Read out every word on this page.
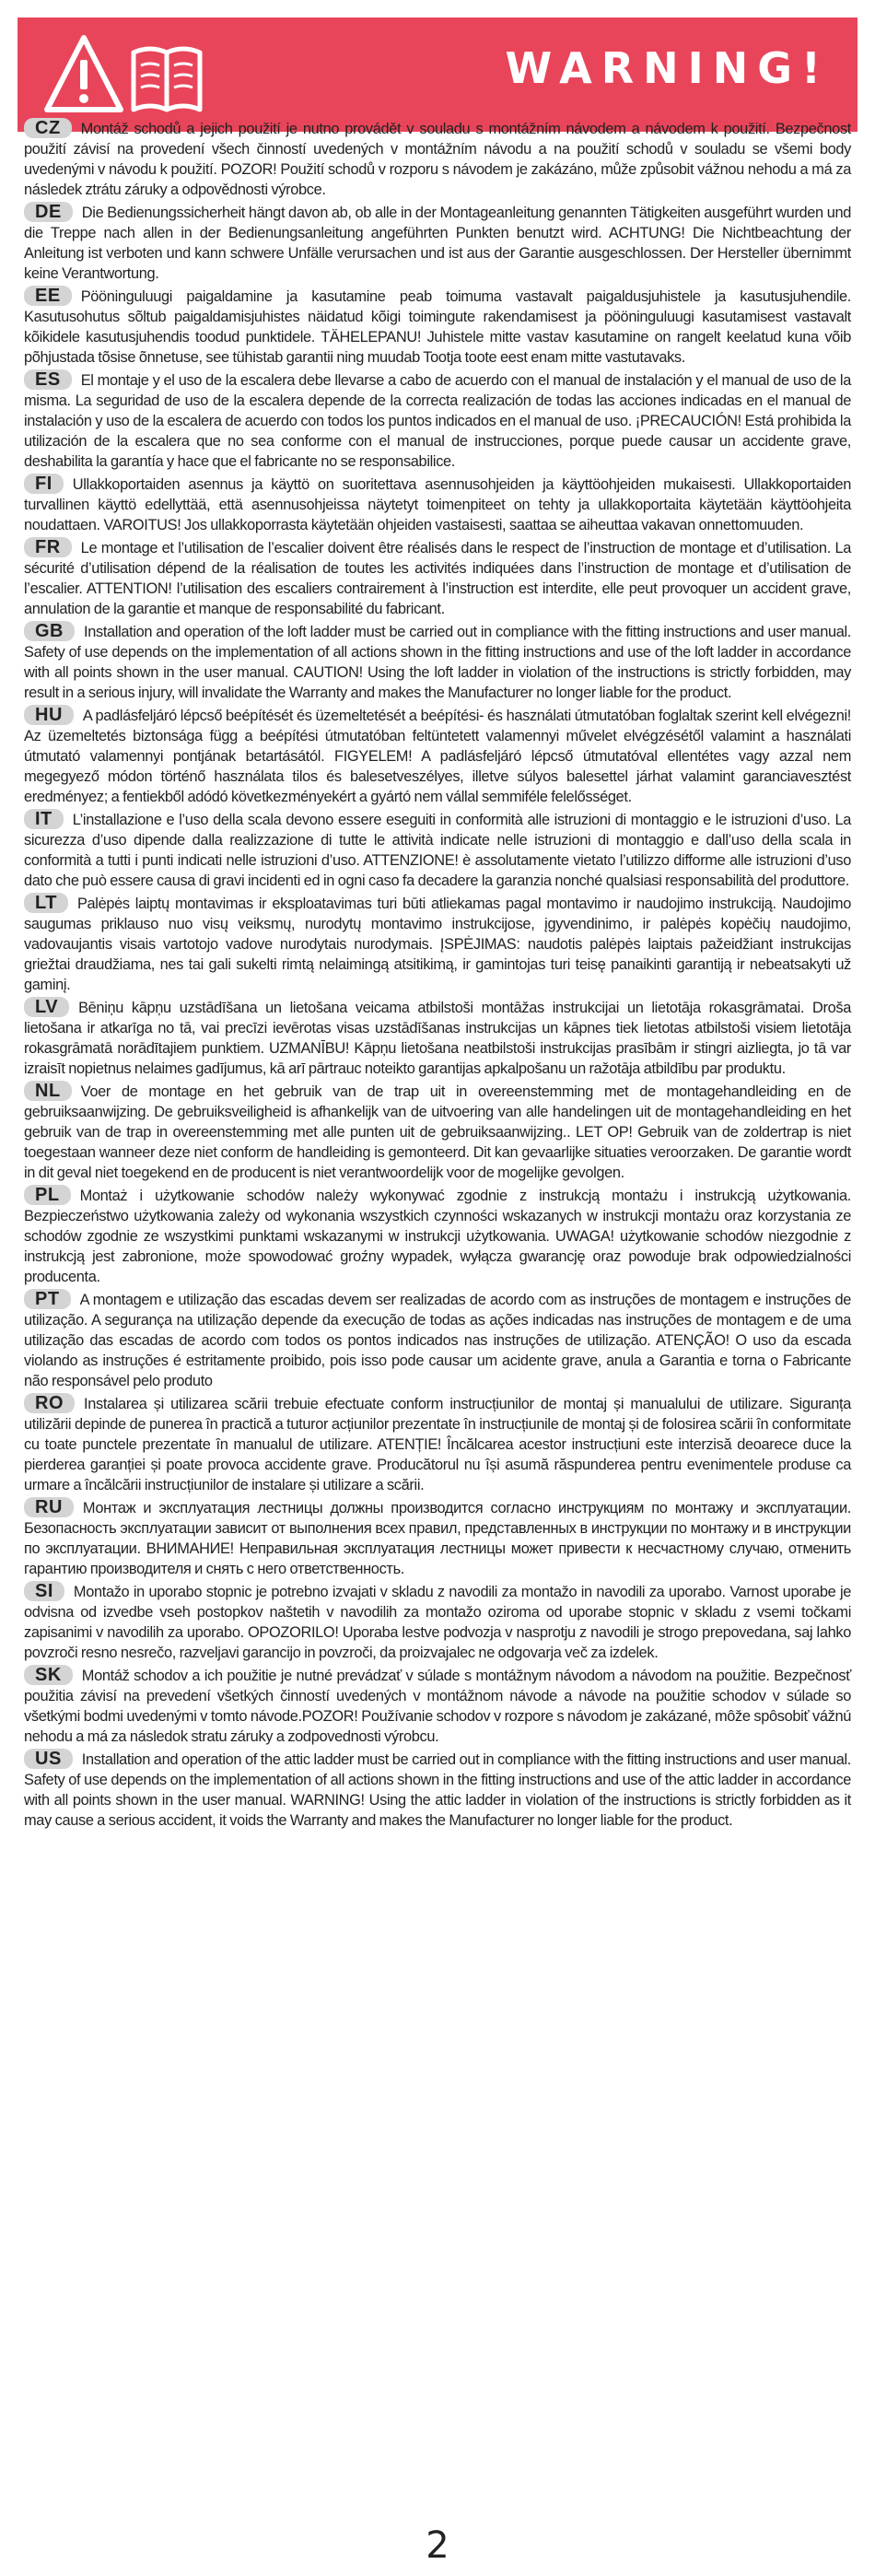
WARNING!

CZ Montáž schodů a jejich použití je nutno provádět v souladu s montážním návodem a návodem k použití. Bezpečnost použití závisí na provedení všech činností uvedených v montážním návodu a na použití schodů v souladu se všemi body uvedenými v návodu k použití. POZOR! Použití schodů v rozporu s návodem je zakázáno, může způsobit vážnou nehodu a má za následek ztrátu záruky a odpovědnosti výrobce.

DE Die Bedienungssicherheit hängt davon ab, ob alle in der Montageanleitung genannten Tätigkeiten ausgeführt wurden und die Treppe nach allen in der Bedienungsanleitung angeführten Punkten benutzt wird. ACHTUNG! Die Nichtbeachtung der Anleitung ist verboten und kann schwere Unfälle verursachen und ist aus der Garantie ausgeschlossen. Der Hersteller übernimmt keine Verantwortung.

EE Pööninguluugi paigaldamine ja kasutamine peab toimuma vastavalt paigaldusjuhistele ja kasutusjuhendile. Kasutusohutus sõltub paigaldamisjuhistes näidatud kõigi toimingute rakendamisest ja pööninguluugi kasutamisest vastavalt kõikidele kasutusjuhendis toodud punktidele. TÄHELEPANU! Juhistele mitte vastav kasutamine on rangelt keelatud kuna võib põhjustada tõsise õnnetuse, see tühistab garantii ning muudab Tootja toote eest enam mitte vastutavaks.

ES El montaje y el uso de la escalera debe llevarse a cabo de acuerdo con el manual de instalación y el manual de uso de la misma. La seguridad de uso de la escalera depende de la correcta realización de todas las acciones indicadas en el manual de instalación y uso de la escalera de acuerdo con todos los puntos indicados en el manual de uso. ¡PRECAUCIÓN! Está prohibida la utilización de la escalera que no sea conforme con el manual de instrucciones, porque puede causar un accidente grave, deshabilita la garantía y hace que el fabricante no se responsabilice.

FI Ullakkoportaiden asennus ja käyttö on suoritettava asennusohjeiden ja käyttöohjeiden mukaisesti. Ullakkoportaiden turvallinen käyttö edellyttää, että asennusohjeissa näytetyt toimenpiteet on tehty ja ullakkoportaita käytetään käyttöohjeita noudattaen. VAROITUS! Jos ullakkoporrasta käytetään ohjeiden vastaisesti, saattaa se aiheuttaa vakavan onnettomuuden.

FR Le montage et l’utilisation de l’escalier doivent être réalisés dans le respect de l’instruction de montage et d’utilisation. La sécurité d’utilisation dépend de la réalisation de toutes les activités indiquées dans l’instruction de montage et d’utilisation de l’escalier. ATTENTION! l’utilisation des escaliers contrairement à l’instruction est interdite, elle peut provoquer un accident grave, annulation de la garantie et manque de responsabilité du fabricant.

GB Installation and operation of the loft ladder must be carried out in compliance with the fitting instructions and user manual. Safety of use depends on the implementation of all actions shown in the fitting instructions and use of the loft ladder in accordance with all points shown in the user manual. CAUTION! Using the loft ladder in violation of the instructions is strictly forbidden, may result in a serious injury, will invalidate the Warranty and makes the Manufacturer no longer liable for the product.

HU A padlásfeljáró lépcső beépítését és üzemeltetését a beépítési- és használati útmutatóban foglaltak szerint kell elvégezni! Az üzemeltetés biztonsága függ a beépítési útmutatóban feltüntetett valamennyi művelet elvégzésétől valamint a használati útmutató valamennyi pontjának betartásától. FIGYELEM! A padlásfeljáró lépcső útmutatóval ellentétes vagy azzal nem megegyező módon történő használata tilos és balesetveszélyes, illetve súlyos balesettel járhat valamint garanciavesztést eredményez; a fentiekből adódó következményekért a gyártó nem vállal semmiféle felelősséget.

IT L’installazione e l’uso della scala devono essere eseguiti in conformità alle istruzioni di montaggio e le istruzioni d’uso. La sicurezza d’uso dipende dalla realizzazione di tutte le attività indicate nelle istruzioni di montaggio e dall’uso della scala in conformità a tutti i punti indicati nelle istruzioni d’uso. ATTENZIONE! è assolutamente vietato l’utilizzo difforme alle istruzioni d’uso dato che può essere causa di gravi incidenti ed in ogni caso fa decadere la garanzia nonché qualsiasi responsabilità del produttore.

LT Palėpės laiptų montavimas ir eksploatavimas turi būti atliekamas pagal montavimo ir naudojimo instrukciją. Naudojimo saugumas priklauso nuo visų veiksmų, nurodytų montavimo instrukcijose, įgyvendinimo, ir palėpės kopėčių naudojimo, vadovaujantis visais vartotojo vadove nurodytais nurodymais. ĮSPĖJIMAS: naudotis palėpės laiptais pažeidžiant instrukcijas griežtai draudžiama, nes tai gali sukelti rimtą nelaimingą atsitikimą, ir gamintojas turi teisę panaikinti garantiją ir nebeatsakyti už gaminį.

LV Bēniņu kāpņu uzstādīšana un lietošana veicama atbilstoši montāžas instrukcijai un lietotāja rokasgrāmatai. Droša lietošana ir atkarīga no tā, vai precīzi ievērotas visas uzstādīšanas instrukcijas un kāpnes tiek lietotas atbilstoši visiem lietotāja rokasgrāmatā norādītajiem punktiem. UZMANĪBU! Kāpņu lietošana neatbilstoši instrukcijas prasībām ir stingri aizliegta, jo tā var izraisīt nopietnus nelaimes gadījumus, kā arī pārtrauc noteikto garantijas apkalpošanu un ražotāja atbildību par produktu.

NL Voer de montage en het gebruik van de trap uit in overeenstemming met de montagehandleiding en de gebruiksaanwijzing. De gebruiksveiligheid is afhankelijk van de uitvoering van alle handelingen uit de montagehandleiding en het gebruik van de trap in overeenstemming met alle punten uit de gebruiksaanwijzing.. LET OP! Gebruik van de zoldertrap is niet toegestaan wanneer deze niet conform de handleiding is gemonteerd. Dit kan gevaarlijke situaties veroorzaken. De garantie wordt in dit geval niet toegekend en de producent is niet verantwoordelijk voor de mogelijke gevolgen.

PL Montaż i użytkowanie schodów należy wykonywać zgodnie z instrukcją montażu i instrukcją użytkowania. Bezpieczeństwo użytkowania zależy od wykonania wszystkich czynności wskazanych w instrukcji montażu oraz korzystania ze schodów zgodnie ze wszystkimi punktami wskazanymi w instrukcji użytkowania. UWAGA! użytkowanie schodów niezgodnie z instrukcją jest zabronione, może spowodować groźny wypadek, wyłącza gwarancję oraz powoduje brak odpowiedzialności producenta.

PT A montagem e utilização das escadas devem ser realizadas de acordo com as instruções de montagem e instruções de utilização. A segurança na utilização depende da execução de todas as ações indicadas nas instruções de montagem e de uma utilização das escadas de acordo com todos os pontos indicados nas instruções de utilização. ATENÇÃO! O uso da escada violando as instruções é estritamente proibido, pois isso pode causar um acidente grave, anula a Garantia e torna o Fabricante não responsável pelo produto

RO Instalarea și utilizarea scării trebuie efectuate conform instrucțiunilor de montaj și manualului de utilizare. Siguranța utilizării depinde de punerea în practică a tuturor acțiunilor prezentate în instrucțiunile de montaj și de folosirea scării în conformitate cu toate punctele prezentate în manualul de utilizare. ATENȚIE! Încălcarea acestor instrucțiuni este interzisă deoarece duce la pierderea garanției și poate provoca accidente grave. Producătorul nu își asumă răspunderea pentru evenimentele produse ca urmare a încălcării instrucțiunilor de instalare și utilizare a scării.

RU Монтаж и эксплуатация лестницы должны производится согласно инструкциям по монтажу и эксплуатации. Безопасность эксплуатации зависит от выполнения всех правил, представленных в инструкции по монтажу и в инструкции по эксплуатации. ВНИМАНИЕ! Неправильная эксплуатация лестницы может привести к несчастному случаю, отменить гарантию производителя и снять с него ответственность.

SI Montažo in uporabo stopnic je potrebno izvajati v skladu z navodili za montažo in navodili za uporabo. Varnost uporabe je odvisna od izvedbe vseh postopkov naštetih v navodilih za montažo oziroma od uporabe stopnic v skladu z vsemi točkami zapisanimi v navodilih za uporabo. OPOZORILO! Uporaba lestve podvozja v nasprotju z navodili je strogo prepovedana, saj lahko povzroči resno nesrečo, razveljavi garancijo in povzroči, da proizvajalec ne odgovarja več za izdelek.

SK Montáž schodov a ich použitie je nutné prevádzať v súlade s montážnym návodom a návodom na použitie. Bezpečnosť použitia závisí na prevedení všetkých činností uvedených v montážnom návode a návode na použitie schodov v súlade so všetkými bodmi uvedenými v tomto návode.POZOR! Používanie schodov v rozpore s návodom je zakázané, môže spôsobiť vážnú nehodu a má za následok stratu záruky a zodpovednosti výrobcu.

US Installation and operation of the attic ladder must be carried out in compliance with the fitting instructions and user manual. Safety of use depends on the implementation of all actions shown in the fitting instructions and use of the attic ladder in accordance with all points shown in the user manual. WARNING! Using the attic ladder in violation of the instructions is strictly forbidden as it may cause a serious accident, it voids the Warranty and makes the Manufacturer no longer liable for the product.

2
